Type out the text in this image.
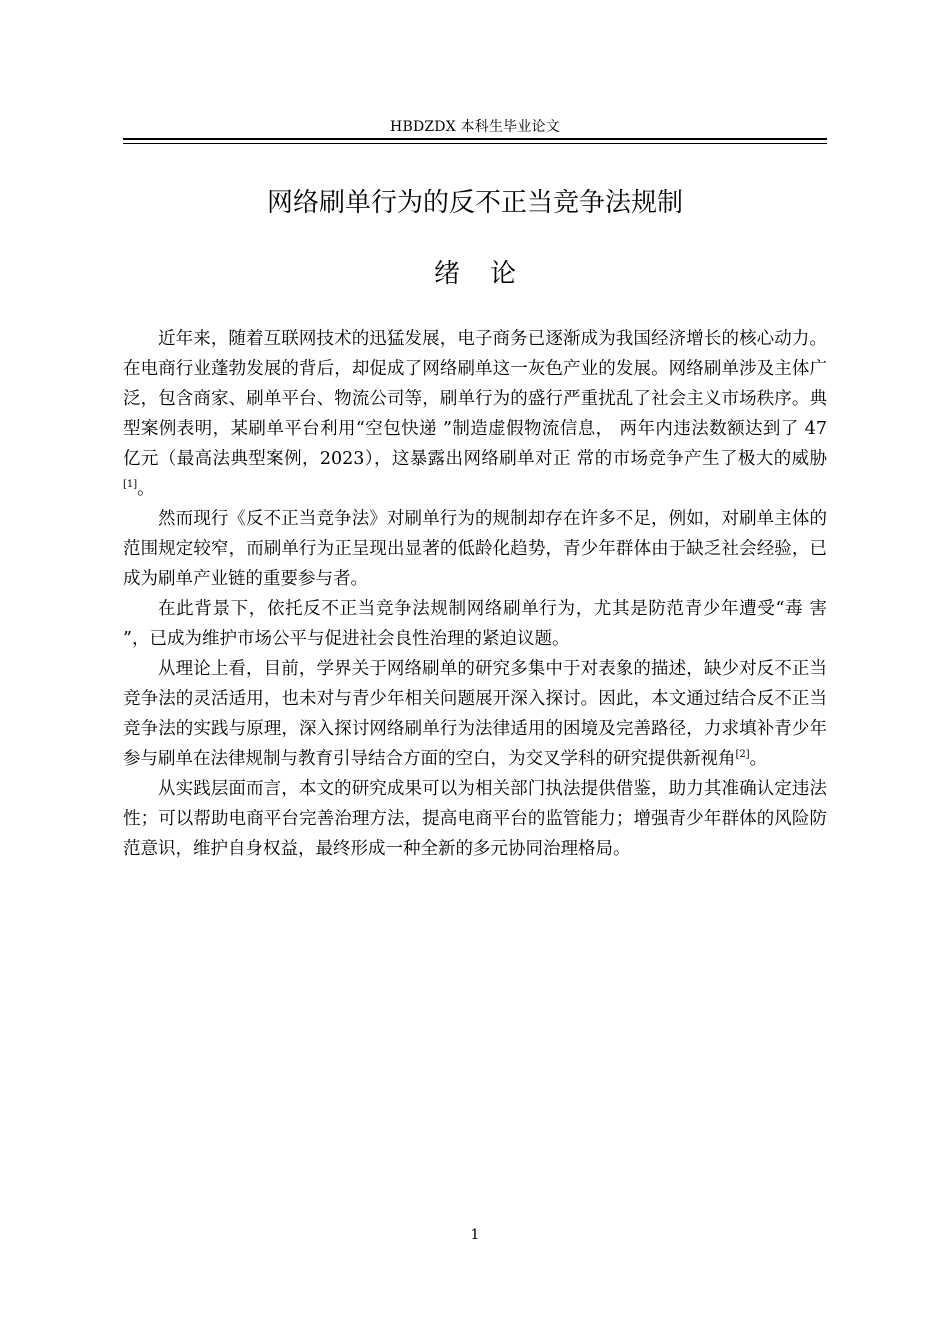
HBDZDX 本科生毕业论文
网络刷单行为的反不正当竞争法规制
绪论

近年来，随着互联网技术的迅猛发展，电子商务已逐渐成为我国经济增长的核心动力。在电商行业蓬勃发展的背后，却促成了网络刷单这一灰色产业的发展。网络刷单涉及主体广泛，包含商家、刷单平台、物流公司等，刷单行为的盛行严重扰乱了社会主义市场秩序。典型案例表明，某刷单平台利用“空包快递 ”制造虚假物流信息， 两年内违法数额达到了 47 亿元（最高法典型案例，2023），这暴露出网络刷单对正 常的市场竞争产生了极大的威胁[1]。

然而现行《反不正当竞争法》对刷单行为的规制却存在许多不足，例如，对刷单主体的范围规定较窄，而刷单行为正呈现出显著的低龄化趋势，青少年群体由于缺乏社会经验，已成为刷单产业链的重要参与者。

在此背景下，依托反不正当竞争法规制网络刷单行为，尤其是防范青少年遭受“毒 害 ”，已成为维护市场公平与促进社会良性治理的紧迫议题。

从理论上看，目前，学界关于网络刷单的研究多集中于对表象的描述，缺少对反不正当竞争法的灵活适用，也未对与青少年相关问题展开深入探讨。因此，本文通过结合反不正当竞争法的实践与原理，深入探讨网络刷单行为法律适用的困境及完善路径，力求填补青少年参与刷单在法律规制与教育引导结合方面的空白，为交叉学科的研究提供新视角[2]。

从实践层面而言，本文的研究成果可以为相关部门执法提供借鉴，助力其准确认定违法性；可以帮助电商平台完善治理方法，提高电商平台的监管能力；增强青少年群体的风险防范意识，维护自身权益，最终形成一种全新的多元协同治理格局。

1
